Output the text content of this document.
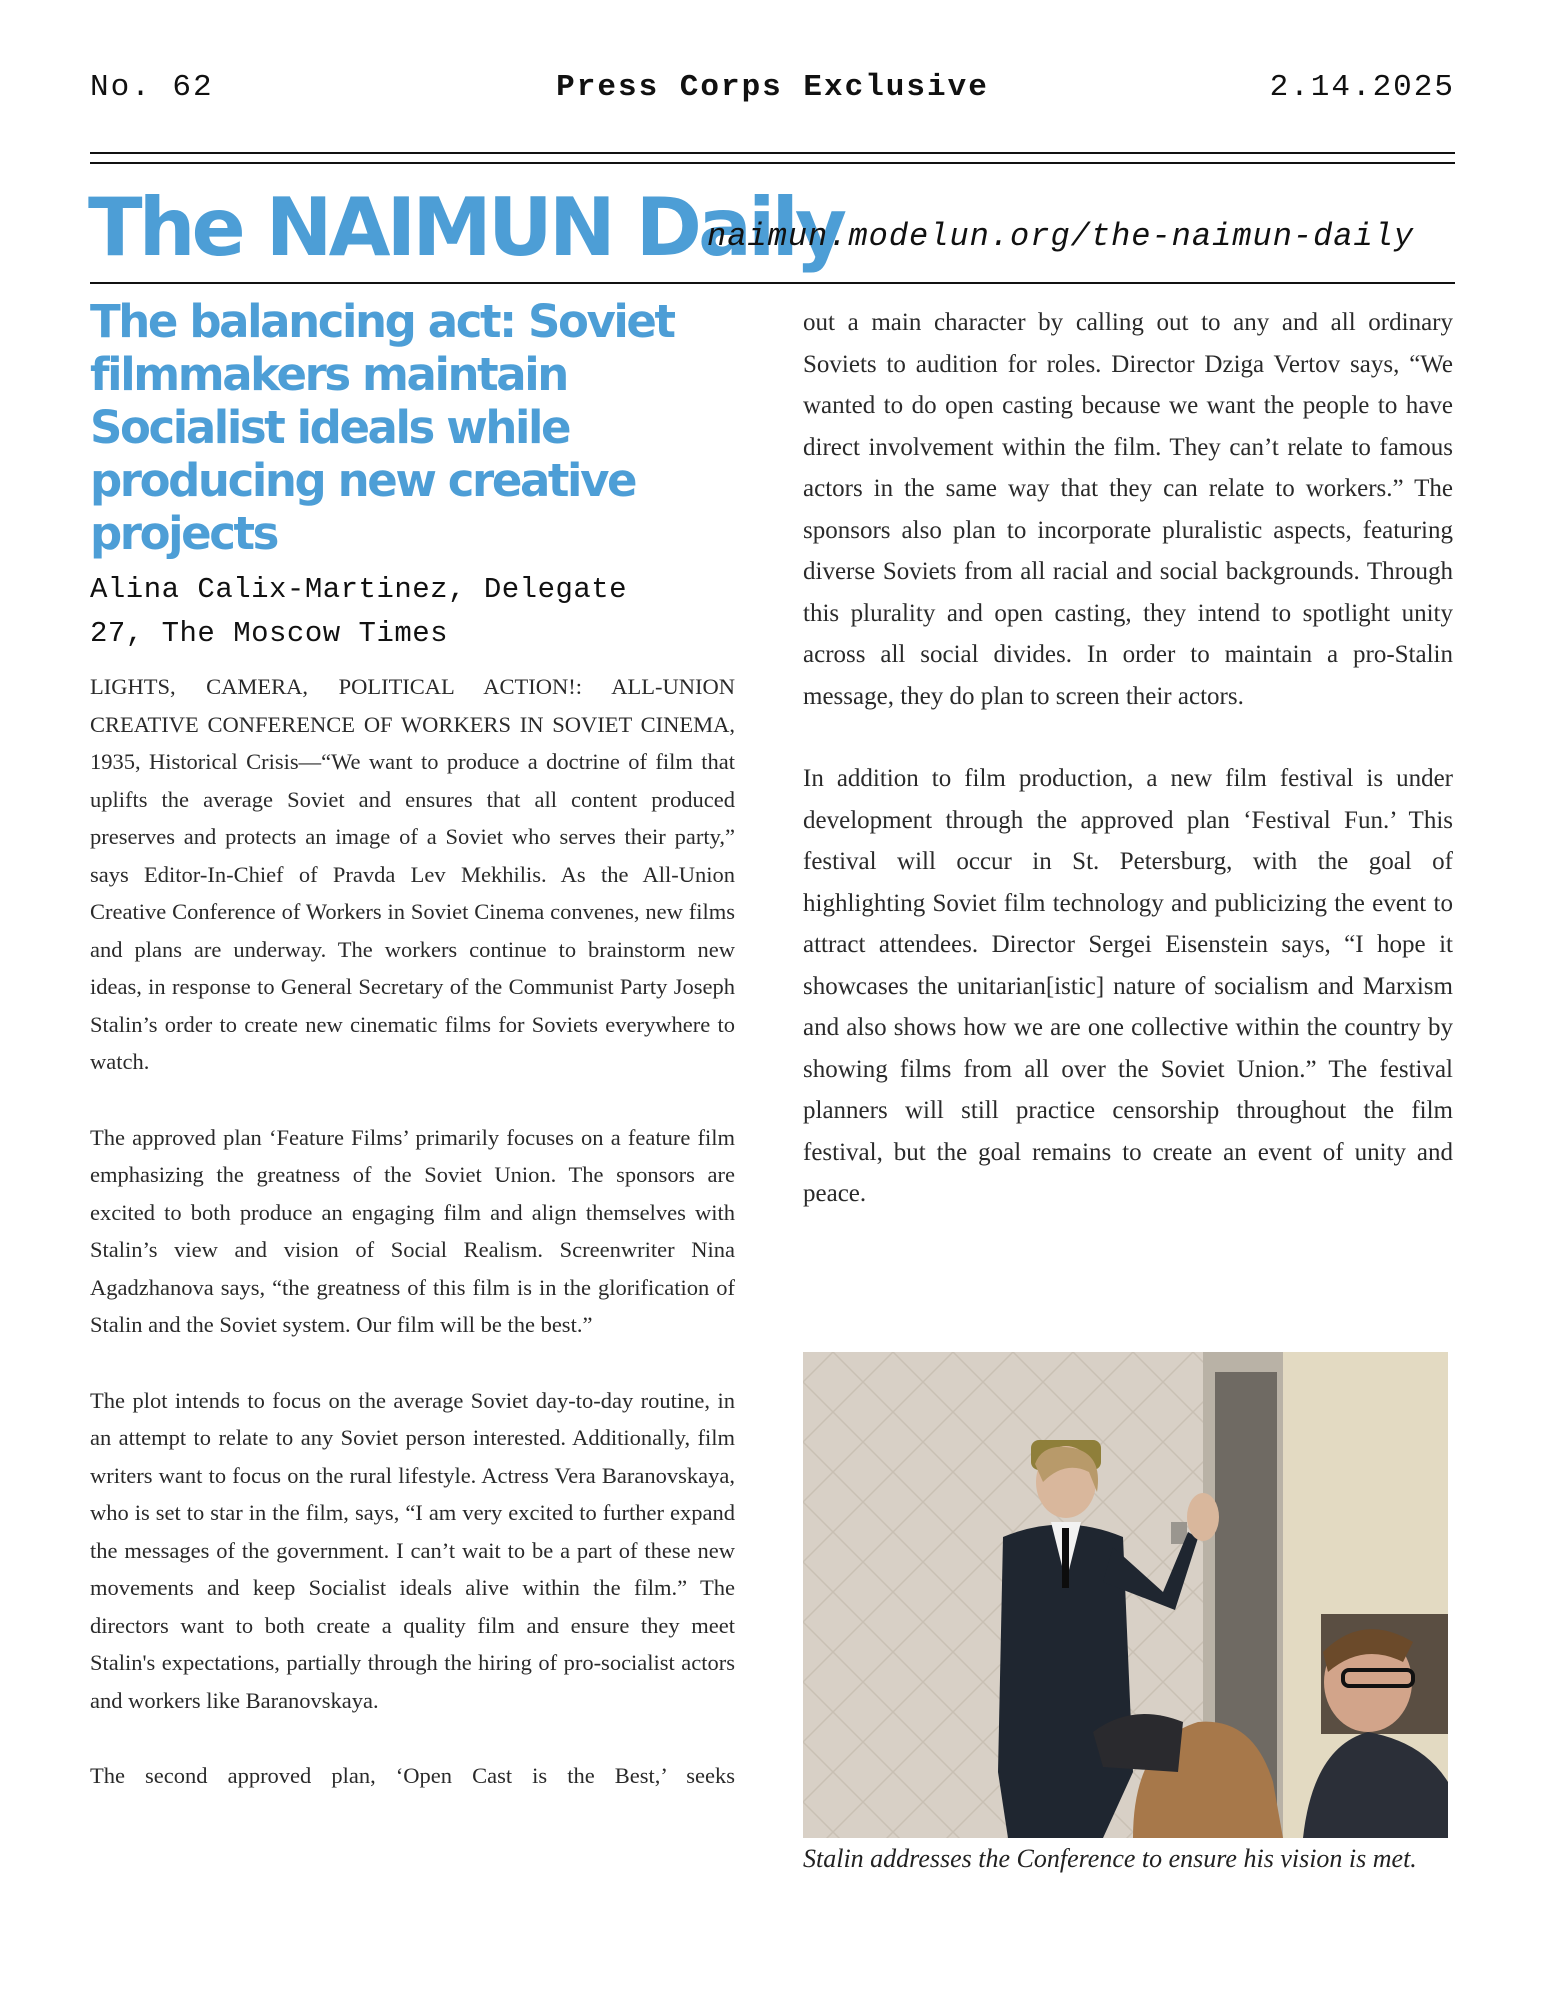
No. 62	Press Corps Exclusive	2.14.2025
The NAIMUN Daily
naimun.modelun.org/the-naimun-daily
The balancing act: Soviet filmmakers maintain Socialist ideals while producing new creative projects
Alina Calix-Martinez, Delegate
27, The Moscow Times

LIGHTS, CAMERA, POLITICAL ACTION!: ALL-UNION CREATIVE CONFERENCE OF WORKERS IN SOVIET CINEMA, 1935, Historical Crisis—“We want to produce a doctrine of film that uplifts the average Soviet and ensures that all content produced preserves and protects an image of a Soviet who serves their party,” says Editor-In-Chief of Pravda Lev Mekhilis. As the All-Union Creative Conference of Workers in Soviet Cinema convenes, new films and plans are underway. The workers continue to brainstorm new ideas, in response to General Secretary of the Communist Party Joseph Stalin’s order to create new cinematic films for Soviets everywhere to watch.

The approved plan ‘Feature Films’ primarily focuses on a feature film emphasizing the greatness of the Soviet Union. The sponsors are excited to both produce an engaging film and align themselves with Stalin’s view and vision of Social Realism. Screenwriter Nina Agadzhanova says, “the greatness of this film is in the glorification of Stalin and the Soviet system. Our film will be the best.”

The plot intends to focus on the average Soviet day-to-day routine, in an attempt to relate to any Soviet person interested. Additionally, film writers want to focus on the rural lifestyle. Actress Vera Baranovskaya, who is set to star in the film, says, “I am very excited to further expand the messages of the government. I can’t wait to be a part of these new movements and keep Socialist ideals alive within the film.” The directors want to both create a quality film and ensure they meet Stalin's expectations, partially through the hiring of pro-socialist actors and workers like Baranovskaya.

The second approved plan, ‘Open Cast is the Best,’ seeks

out a main character by calling out to any and all ordinary Soviets to audition for roles. Director Dziga Vertov says, “We wanted to do open casting because we want the people to have direct involvement within the film. They can’t relate to famous actors in the same way that they can relate to workers.” The sponsors also plan to incorporate pluralistic aspects, featuring diverse Soviets from all racial and social backgrounds. Through this plurality and open casting, they intend to spotlight unity across all social divides. In order to maintain a pro-Stalin message, they do plan to screen their actors.

In addition to film production, a new film festival is under development through the approved plan ‘Festival Fun.’ This festival will occur in St. Petersburg, with the goal of highlighting Soviet film technology and publicizing the event to attract attendees. Director Sergei Eisenstein says, “I hope it showcases the unitarian[istic] nature of socialism and Marxism and also shows how we are one collective within the country by showing films from all over the Soviet Union.” The festival planners will still practice censorship throughout the film festival, but the goal remains to create an event of unity and peace.

Stalin addresses the Conference to ensure his vision is met.
